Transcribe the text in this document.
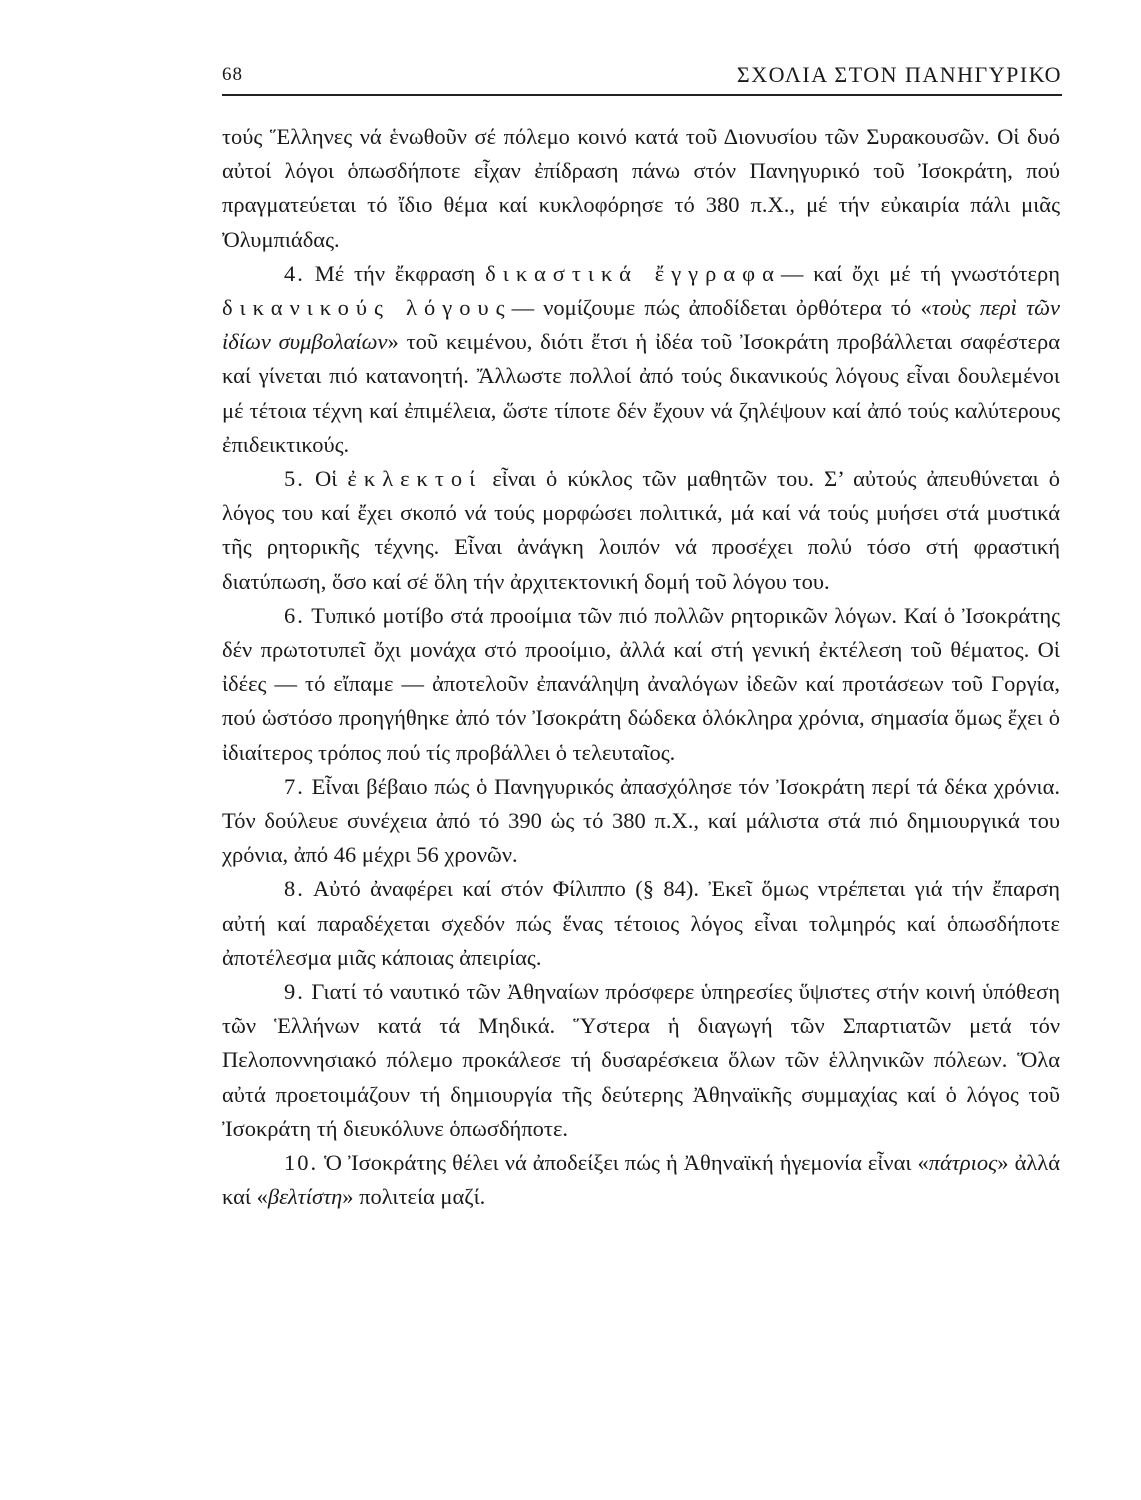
68	ΣΧΟΛΙΑ ΣΤΟΝ ΠΑΝΗΓΥΡΙΚΟ

τούς Ἕλληνες νά ἑνωθοῦν σέ πόλεμο κοινό κατά τοῦ Διονυσίου τῶν Συρακουσῶν. Οἱ δυό αὐτοί λόγοι ὁπωσδήποτε εἶχαν ἐπίδραση πάνω στόν Πανηγυρικό τοῦ Ἰσοκράτη, πού πραγματεύεται τό ἴδιο θέμα καί κυκλοφόρησε τό 380 π.Χ., μέ τήν εὐκαιρία πάλι μιᾶς Ὀλυμπιάδας.

4. Μέ τήν ἔκφραση δικαστικά ἔγγραφα— καί ὄχι μέ τή γνωστότερη δικανικούς λόγους— νομίζουμε πώς ἀποδίδεται ὀρθότερα τό «τοὺς περὶ τῶν ἰδίων συμβολαίων» τοῦ κειμένου, διότι ἔτσι ἡ ἰδέα τοῦ Ἰσοκράτη προβάλλεται σαφέστερα καί γίνεται πιό κατανοητή. Ἄλλωστε πολλοί ἀπό τούς δικανικούς λόγους εἶναι δουλεμένοι μέ τέτοια τέχνη καί ἐπιμέλεια, ὥστε τίποτε δέν ἔχουν νά ζηλέψουν καί ἀπό τούς καλύτερους ἐπιδεικτικούς.

5. Οἱ ἐκλεκτοί εἶναι ὁ κύκλος τῶν μαθητῶν του. Σ’ αὐτούς ἀπευθύνεται ὁ λόγος του καί ἔχει σκοπό νά τούς μορφώσει πολιτικά, μά καί νά τούς μυήσει στά μυστικά τῆς ρητορικῆς τέχνης. Εἶναι ἀνάγκη λοιπόν νά προσέχει πολύ τόσο στή φραστική διατύπωση, ὅσο καί σέ ὅλη τήν ἀρχιτεκτονική δομή τοῦ λόγου του.

6. Τυπικό μοτίβο στά προοίμια τῶν πιό πολλῶν ρητορικῶν λόγων. Καί ὁ Ἰσοκράτης δέν πρωτοτυπεῖ ὄχι μονάχα στό προοίμιο, ἀλλά καί στή γενική ἐκτέλεση τοῦ θέματος. Οἱ ἰδέες — τό εἴπαμε — ἀποτελοῦν ἐπανάληψη ἀναλόγων ἰδεῶν καί προτάσεων τοῦ Γοργία, πού ὡστόσο προηγήθηκε ἀπό τόν Ἰσοκράτη δώδεκα ὁλόκληρα χρόνια, σημασία ὅμως ἔχει ὁ ἰδιαίτερος τρόπος πού τίς προβάλλει ὁ τελευταῖος.

7. Εἶναι βέβαιο πώς ὁ Πανηγυρικός ἀπασχόλησε τόν Ἰσοκράτη περί τά δέκα χρόνια. Τόν δούλευε συνέχεια ἀπό τό 390 ὡς τό 380 π.Χ., καί μάλιστα στά πιό δημιουργικά του χρόνια, ἀπό 46 μέχρι 56 χρονῶν.

8. Αὐτό ἀναφέρει καί στόν Φίλιππο (§ 84). Ἐκεῖ ὅμως ντρέπεται γιά τήν ἔπαρση αὐτή καί παραδέχεται σχεδόν πώς ἕνας τέτοιος λόγος εἶναι τολμηρός καί ὁπωσδήποτε ἀποτέλεσμα μιᾶς κάποιας ἀπειρίας.

9. Γιατί τό ναυτικό τῶν Ἀθηναίων πρόσφερε ὑπηρεσίες ὕψιστες στήν κοινή ὑπόθεση τῶν Ἑλλήνων κατά τά Μηδικά. Ὕστερα ἡ διαγωγή τῶν Σπαρτιατῶν μετά τόν Πελοποννησιακό πόλεμο προκάλεσε τή δυσαρέσκεια ὅλων τῶν ἑλληνικῶν πόλεων. Ὅλα αὐτά προετοιμάζουν τή δημιουργία τῆς δεύτερης Ἀθηναϊκῆς συμμαχίας καί ὁ λόγος τοῦ Ἰσοκράτη τή διευκόλυνε ὁπωσδήποτε.

10. Ὁ Ἰσοκράτης θέλει νά ἀποδείξει πώς ἡ Ἀθηναϊκή ἡγεμονία εἶναι «πάτριος» ἀλλά καί «βελτίστη» πολιτεία μαζί.
